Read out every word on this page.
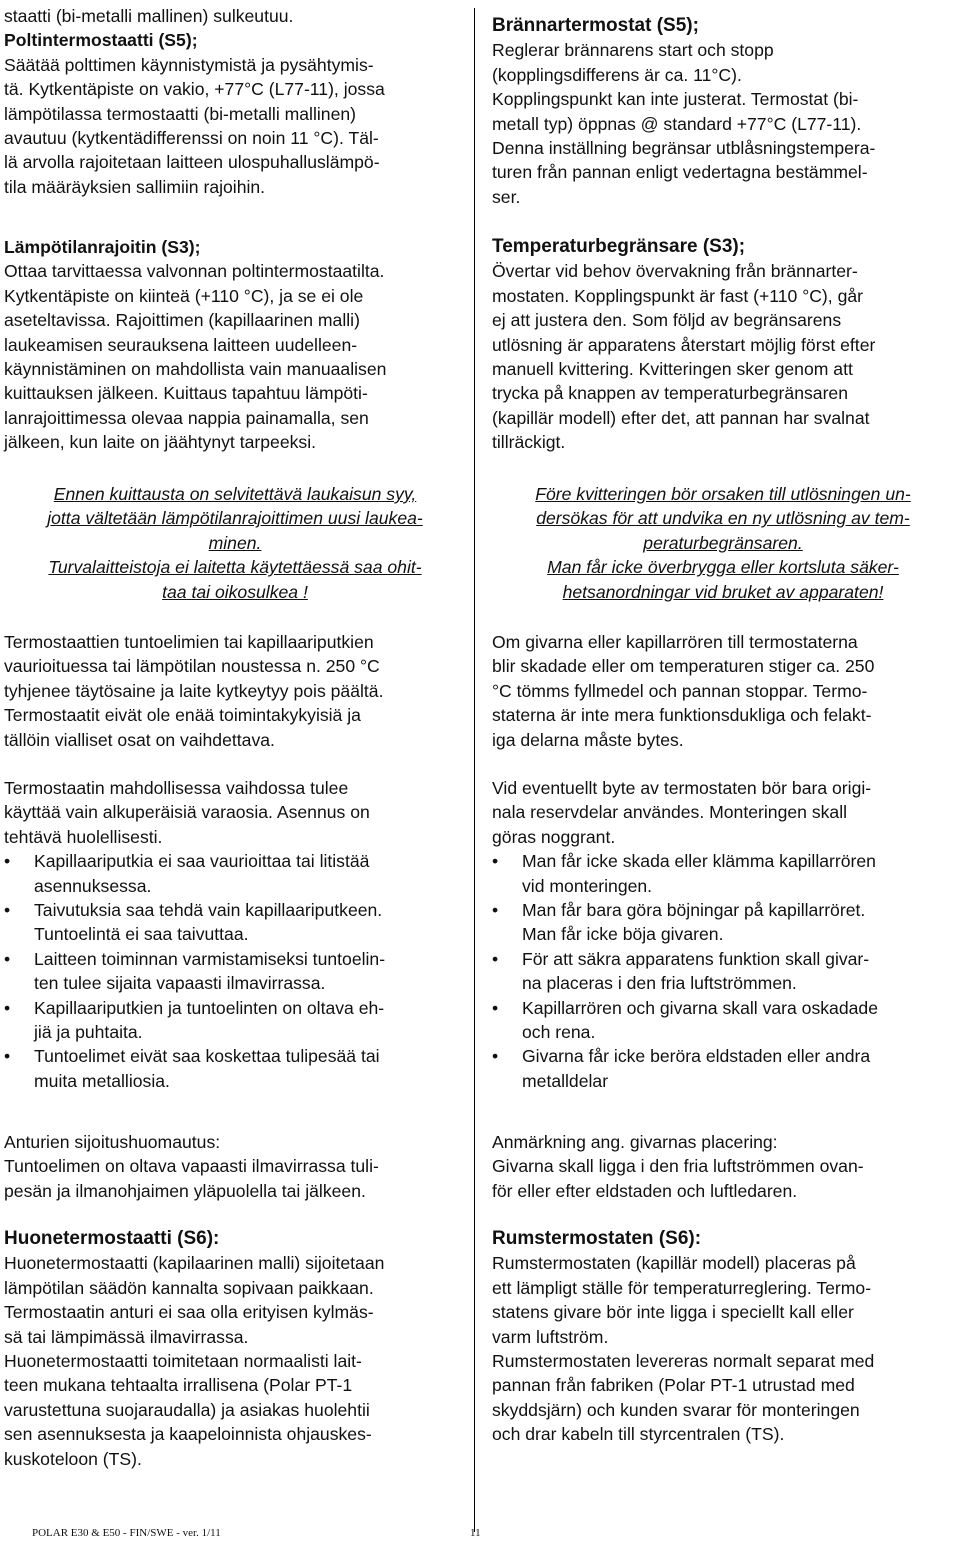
staatti (bi-metalli mallinen) sulkeutuu.
Poltintermostaatti (S5);
Säätää polttimen käynnistymistä ja pysähtymis-
tä. Kytkentäpiste on vakio, +77°C (L77-11), jossa
lämpötilassa termostaatti (bi-metalli mallinen)
avautuu (kytkentädifferenssi on noin 11 °C). Täl-
lä arvolla rajoitetaan laitteen ulospuhalluslämpö-
tila määräyksien sallimiin rajoihin.
Lämpötilanrajoitin (S3);
Ottaa tarvittaessa valvonnan poltintermostaatilta.
Kytkentäpiste on kiinteä (+110 °C), ja se ei ole
aseteltavissa. Rajoittimen (kapillaarinen malli)
laukeamisen seurauksena laitteen uudelleen-
käynnistäminen on mahdollista vain manuaalisen
kuittauksen jälkeen. Kuittaus tapahtuu lämpöti-
lanrajoittimessa olevaa nappia painamalla, sen
jälkeen, kun laite on jäähtynyt tarpeeksi.
Ennen kuittausta on selvitettävä laukaisun syy,
jotta vältetään lämpötilanrajoittimen uusi laukea-
minen.
Turvalaitteistoja ei laitetta käytettäessä saa ohit-
taa tai oikosulkea !
Termostaattien tuntoelimien tai kapillaariputkien
vaurioituessa tai lämpötilan noustessa n. 250 °C
tyhjenee täytösaine ja laite kytkeytyy pois päältä.
Termostaatit eivät ole enää toimintakykyisiä ja
tällöin vialliset osat on vaihdettava.
Termostaatin mahdollisessa vaihdossa tulee
käyttää vain alkuperäisiä varaosia. Asennus on
tehtävä huolellisesti.
• Kapillaariputkia ei saa vaurioittaa tai litistää
asennuksessa.
• Taivutuksia saa tehdä vain kapillaariputkeen.
Tuntoelintä ei saa taivuttaa.
• Laitteen toiminnan varmistamiseksi tuntoelin-
ten tulee sijaita vapaasti ilmavirrassa.
• Kapillaariputkien ja tuntoelinten on oltava eh-
jiä ja puhtaita.
• Tuntoelimet eivät saa koskettaa tulipesää tai
muita metalliosia.
Anturien sijoitushuomautus:
Tuntoelimen on oltava vapaasti ilmavirrassa tuli-
pesän ja ilmanohjaimen yläpuolella tai jälkeen.
Huonetermostaatti (S6):
Huonetermostaatti (kapilaarinen malli) sijoitetaan
lämpötilan säädön kannalta sopivaan paikkaan.
Termostaatin anturi ei saa olla erityisen kylmäs-
sä tai lämpimässä ilmavirrassa.
Huonetermostaatti toimitetaan normaalisti lait-
teen mukana tehtaalta irrallisena (Polar PT-1
varustettuna suojaraudalla) ja asiakas huolehtii
sen asennuksesta ja kaapeloinnista ohjauskes-
kuskoteloon (TS).
Brännartermostat (S5);
Reglerar brännarens start och stopp
(kopplingsdifferens är ca. 11°C).
Kopplingspunkt kan inte justerat. Termostat (bi-
metall typ) öppnas @ standard +77°C (L77-11).
Denna inställning begränsar utblåsningstempera-
turen från pannan enligt vedertagna bestämmel-
ser.
Temperaturbegränsare (S3);
Övertar vid behov övervakning från brännarter-
mostaten. Kopplingspunkt är fast (+110 °C), går
ej att justera den. Som följd av begränsarens
utlösning är apparatens återstart möjlig först efter
manuell kvittering. Kvitteringen sker genom att
trycka på knappen av temperaturbegränsaren
(kapillär modell) efter det, att pannan har svalnat
tillräckigt.
Före kvitteringen bör orsaken till utlösningen un-
dersökas för att undvika en ny utlösning av tem-
peraturbegränsaren.
Man får icke överbrygga eller kortsluta säker-
hetsanordningar vid bruket av apparaten!
Om givarna eller kapillarrören till termostaterna
blir skadade eller om temperaturen stiger ca. 250
°C tömms fyllmedel och pannan stoppar. Termo-
staterna är inte mera funktionsdukliga och felakt-
iga delarna måste bytes.
Vid eventuellt byte av termostaten bör bara origi-
nala reservdelar användes. Monteringen skall
göras noggrant.
• Man får icke skada eller klämma kapillarrören
vid monteringen.
• Man får bara göra böjningar på kapillarröret.
Man får icke böja givaren.
• För att säkra apparatens funktion skall givar-
na placeras i den fria luftströmmen.
• Kapillarrören och givarna skall vara oskadade
och rena.
• Givarna får icke beröra eldstaden eller andra
metalldelar
Anmärkning ang. givarnas placering:
Givarna skall ligga i den fria luftströmmen ovan-
för eller efter eldstaden och luftledaren.
Rumstermostaten (S6):
Rumstermostaten (kapillär modell) placeras på
ett lämpligt ställe för temperaturreglering. Termo-
statens givare bör inte ligga i speciellt kall eller
varm luftström.
Rumstermostaten levereras normalt separat med
pannan från fabriken (Polar PT-1 utrustad med
skyddsjärn) och kunden svarar för monteringen
och drar kabeln till styrcentralen (TS).
POLAR E30 & E50 - FIN/SWE - ver. 1/11	11
